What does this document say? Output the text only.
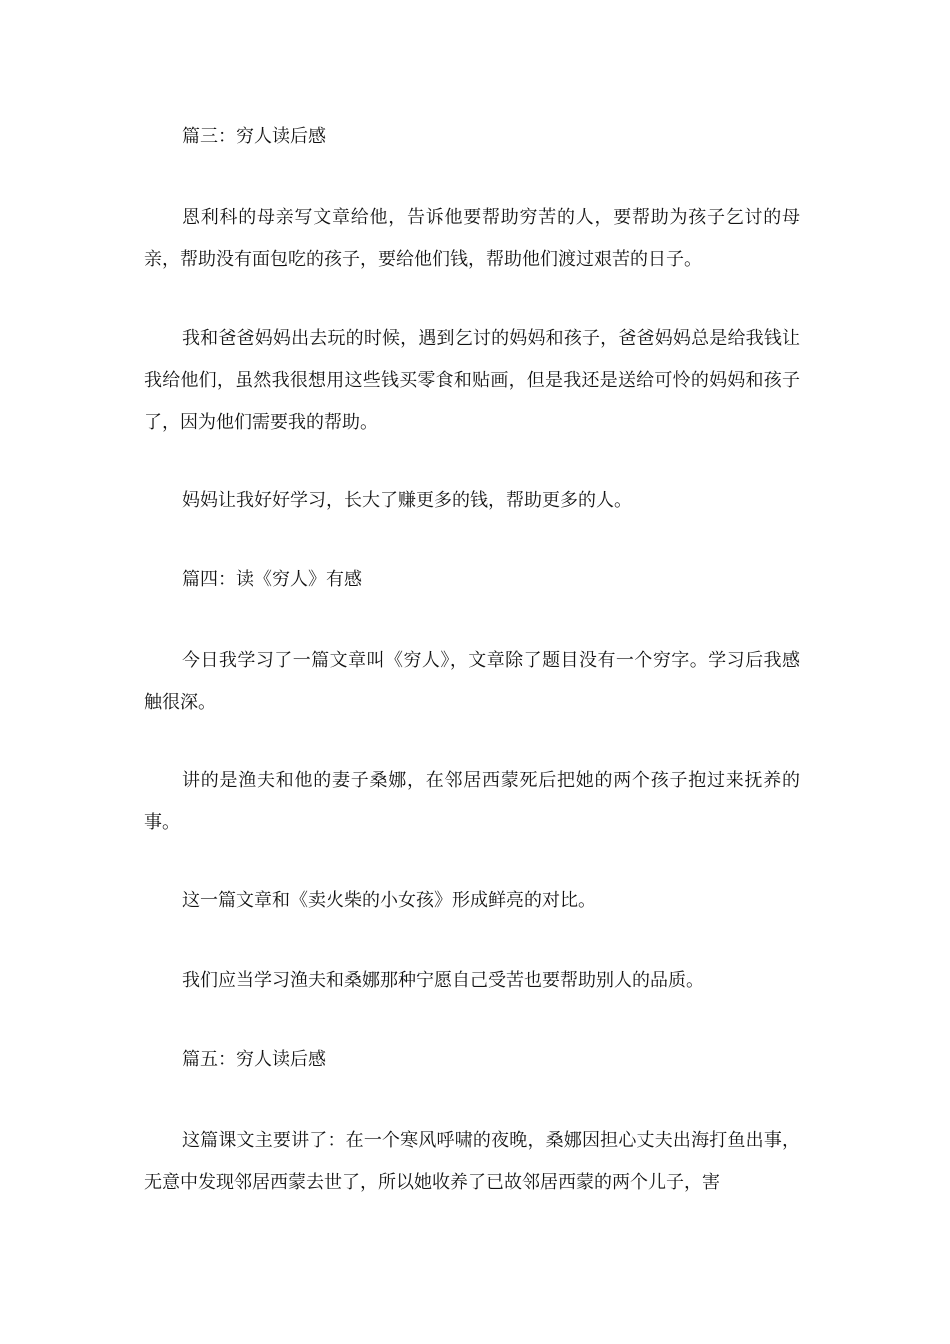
篇三：穷人读后感

恩利科的母亲写文章给他，告诉他要帮助穷苦的人，要帮助为孩子乞讨的母亲，帮助没有面包吃的孩子，要给他们钱，帮助他们渡过艰苦的日子。

我和爸爸妈妈出去玩的时候，遇到乞讨的妈妈和孩子，爸爸妈妈总是给我钱让我给他们，虽然我很想用这些钱买零食和贴画，但是我还是送给可怜的妈妈和孩子了，因为他们需要我的帮助。

妈妈让我好好学习，长大了赚更多的钱，帮助更多的人。

篇四：读《穷人》有感

今日我学习了一篇文章叫《穷人》，文章除了题目没有一个穷字。学习后我感触很深。

讲的是渔夫和他的妻子桑娜，在邻居西蒙死后把她的两个孩子抱过来抚养的事。

这一篇文章和《卖火柴的小女孩》形成鲜亮的对比。

我们应当学习渔夫和桑娜那种宁愿自己受苦也要帮助别人的品质。

篇五：穷人读后感

这篇课文主要讲了：在一个寒风呼啸的夜晚，桑娜因担心丈夫出海打鱼出事，无意中发现邻居西蒙去世了，所以她收养了已故邻居西蒙的两个儿子，害
